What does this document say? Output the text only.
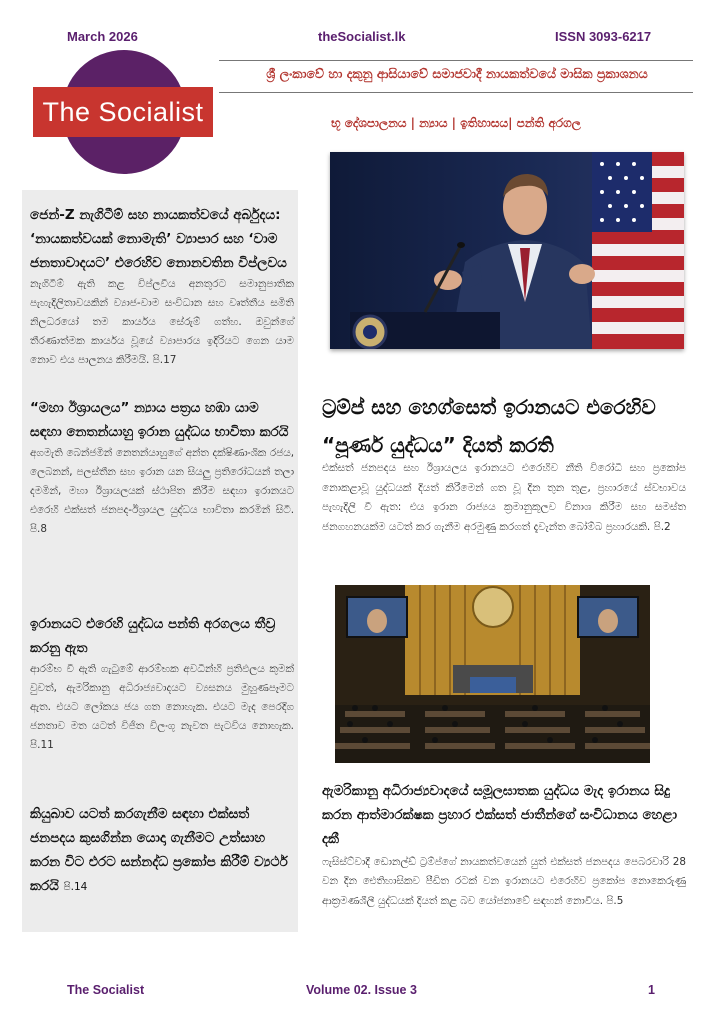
March 2026	theSocialist.lk	ISSN 3093-6217
The Socialist
ශ්‍රී ලංකාවේ හා දකුනු ආසියාවේ සමාජවාදී නායකත්වයේ මාසික ප්‍රකාශනය
භූ දේශපාලනය | න්‍යාය | ඉතිහාසය| පන්ති අරගල
ජෙන්-Z නැගිටීම් සහ නායකත්වයේ අර්බුදය: ‘නායකත්වයක් නොමැති’ ව්‍යාපාර සහ ‘වාම ජනතාවාදයට’ එරෙහිව නොනවතින විප්ලවය
නැගිටීම් ඇති කළ විප්ලවීය අනතුරට සමානුපාතික පැහැදිලිතාවයකින් ව්‍යාජ-වාම සංවිධාන සහ වෘත්තීය සමිති නිලධරයෝ තම කාර්යය සේරුම් ගත්හ. ඔවුන්ගේ තීරණාත්මක කාර්යය වූයේ ව්‍යාපාරය ඉදිරියට ගෙන යාම නොව එය පාලනය කිරීමයි. පි.17
“මහා ඊශ්‍රායලය” න්‍යාය පත්‍රය හඹා යාම සඳහා නෙතන්යාහු ඉරාන යුද්ධය භාවිතා කරයි
අගමැති බෙන්ජමින් නෙතන්යාහුගේ අන්ත දක්ෂිණාංශික රජය, ලෙබනන්, පලස්තීන සහ ඉරාන යන සියලු ප්‍රතිරෝධයන් තලා දමමින්, මහා ඊශ්‍රායලයක් ස්ථාපිත කිරීම සඳහා ඉරානයට එරෙහි එක්සත් ජනපද-ඊශ්‍රායල යුද්ධය භාවිතා කරමින් සිටී. පි.8
ඉරානයට එරෙහි යුද්ධය පන්ති අරගලය තීව්‍ර කරනු ඇත
ආරම්භ වී ඇති ගැටුමේ ආරම්භක අවධීන්හි ප්‍රතිඵලය කුමක් වුවත්, ඇමරිකානු අධිරාජ්‍යවාදයට ව්‍යසනය මුහුණපෑමට ඇත. එයට ලෝකය ජය ගත නොහැක. එයට මැද පෙරදිග ජනතාව මත යටත් විජිත විලංගු නැවත පැටවිය නොහැක. පි.11
කියුබාව යටත් කරගැනීම සඳහා එක්සත් ජනපදය කුසගින්න යොදා ගැනීමට උත්සාහ කරන විට එරට සන්නද්ධ ප්‍රකෝප කිරීම් ව්‍යර්ථ කරයි පි.14
ට්‍රම්ප් සහ හෙග්සෙත් ඉරානයට එරෙහිව “පූර්ණ යුද්ධය” දියත් කරති
එක්සත් ජනපදය සහ ඊශ්‍රායලය ඉරානයට එරෙහිව නීති විරෝධී සහ ප්‍රකෝප නොකළාවූ යුද්ධයක් දියත් කිරීමෙන් ගත වූ දින තුන තුළ, ප්‍රහාරයේ ස්වභාවය පැහැදිලි වී ඇත: එය ඉරාන රාජ්‍යය ක්‍රමානුකූලව විනාශ කිරීම සහ සමස්ත ජනගහනයක්ම යටත් කර ගැනීම අරමුණු කරගත් දැවැන්ත බෝම්බ ප්‍රහාරයකි. පි.2
ඇමරිකානු අධිරාජ්‍යවාදයේ සමූලඝාතක යුද්ධය මැද ඉරානය සිදු කරන ආත්මාරක්ෂක ප්‍රහාර එක්සත් ජාතීන්ගේ සංවිධානය හෙළා දකී
ෆැසිස්ට්වාදී ඩොනල්ඩ් ට්‍රම්ප්ගේ නායකත්වයෙන් යුත් එක්සත් ජනපදය පෙබරවාරි 28 වන දින ඓතිහාසිකව පීඩිත රටක් වන ඉරානයට එරෙහිව ප්‍රකෝප නොකෙරුණු ආක්‍රමණශීලී යුද්ධයක් දියත් කළ බව යෝජනාවේ සඳහන් නොවීය. පි.5
The Socialist	Volume 02. Issue 3	1
